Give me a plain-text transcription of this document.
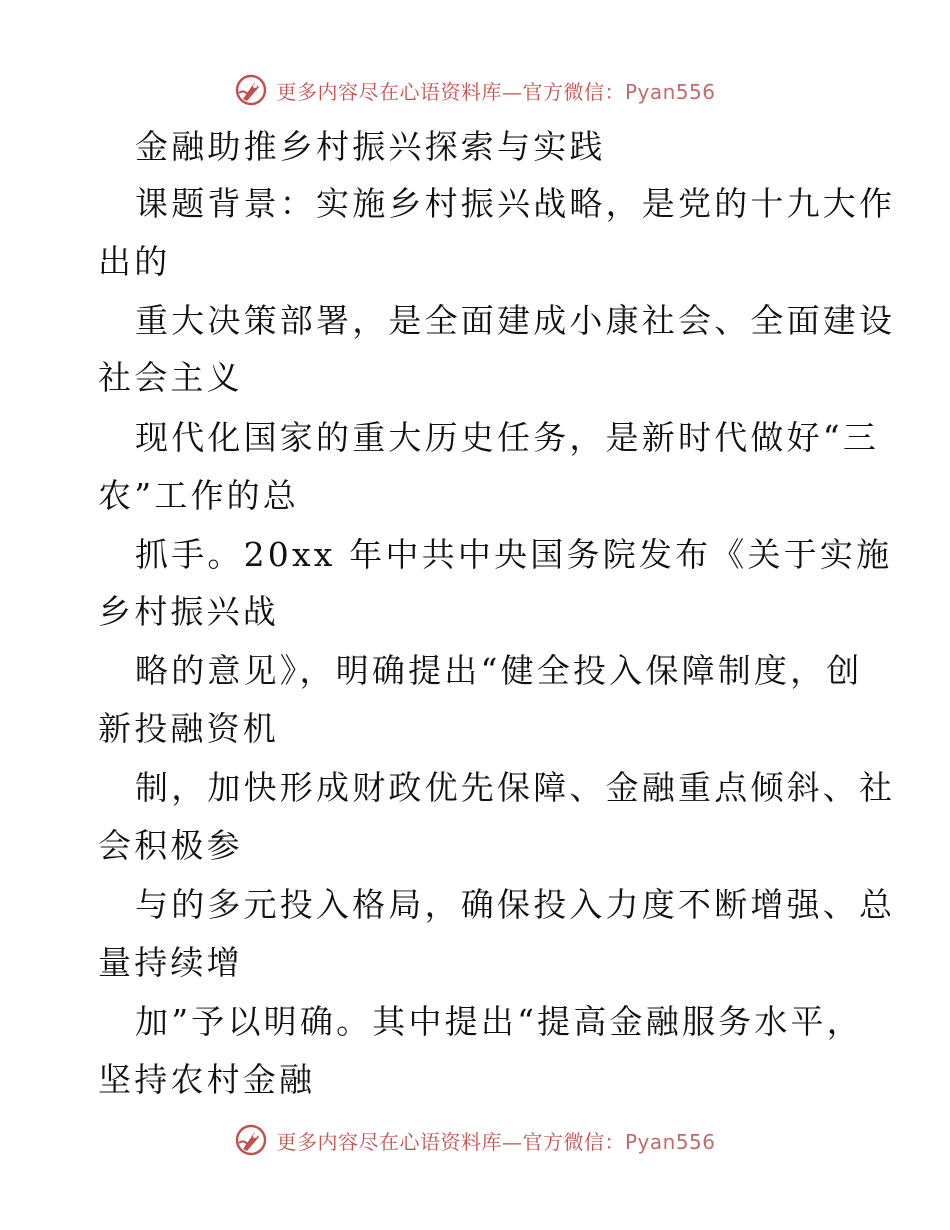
更多内容尽在心语资料库—官方微信：Pyan556
金融助推乡村振兴探索与实践
课题背景：实施乡村振兴战略，是党的十九大作
出的
重大决策部署，是全面建成小康社会、全面建设
社会主义
现代化国家的重大历史任务，是新时代做好“三
农”工作的总
抓手。20xx 年中共中央国务院发布《关于实施
乡村振兴战
略的意见》，明确提出“健全投入保障制度，创
新投融资机
制，加快形成财政优先保障、金融重点倾斜、社
会积极参
与的多元投入格局，确保投入力度不断增强、总
量持续增
加”予以明确。其中提出“提高金融服务水平，
坚持农村金融
更多内容尽在心语资料库—官方微信：Pyan556
